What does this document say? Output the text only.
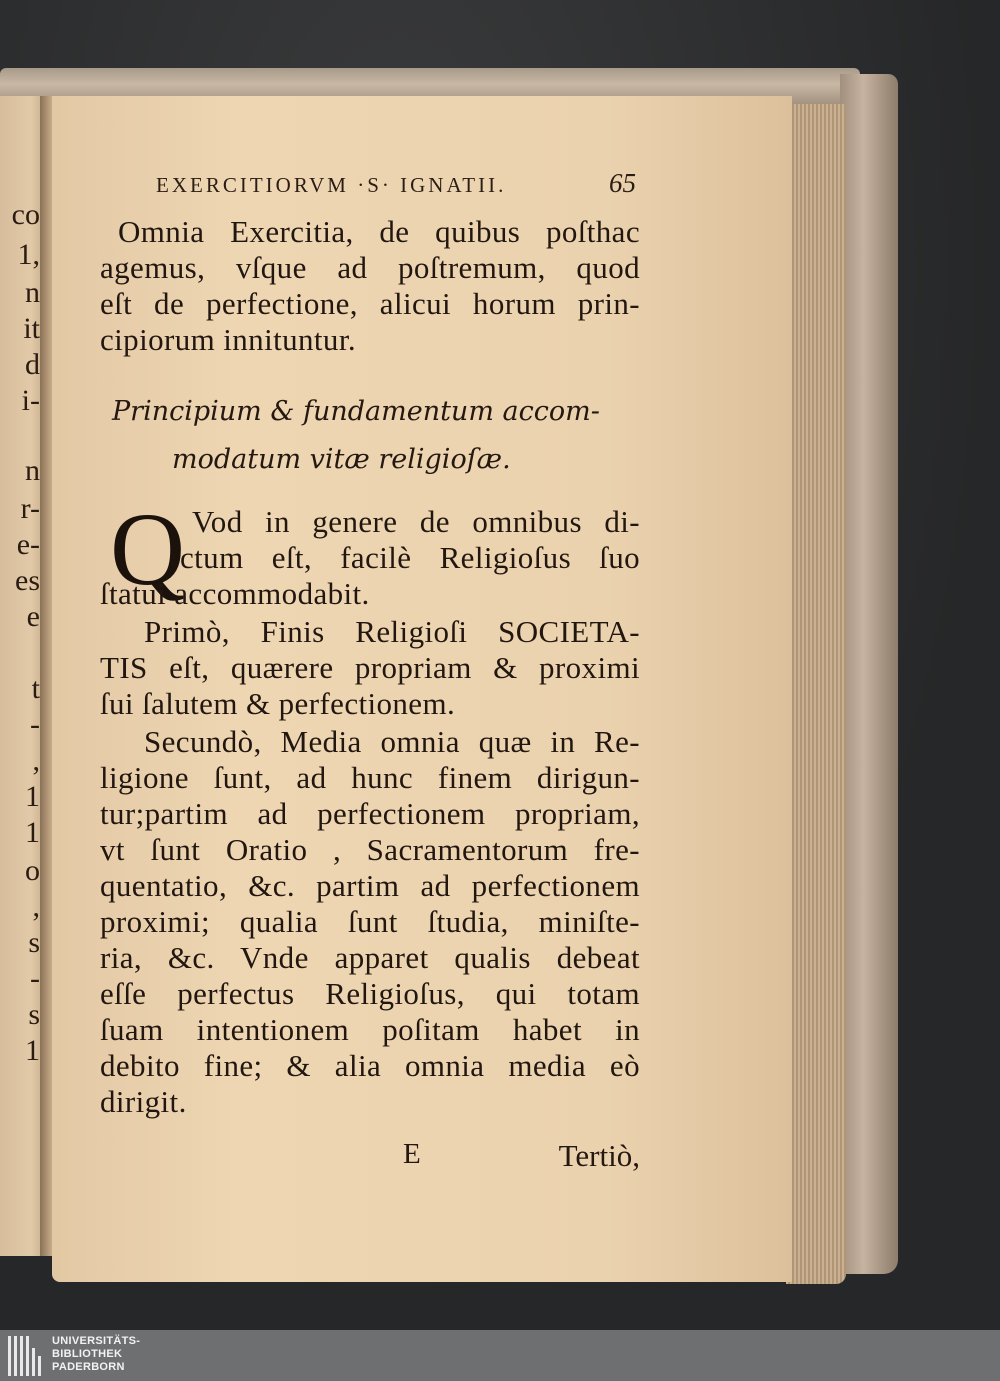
co
1,
n
it
d
i-
n
r-
e-
es
e
t
-
,
1
1
o
,
s
-
s
1
EXERCITIORVM ·S· IGNATII.	65
Omnia Exercitia, de quibus poſthac
agemus, vſque ad poſtremum, quod
eſt de perfectione, alicui horum prin-
cipiorum innituntur.
Principium & fundamentum accom-
modatum vitæ religioſæ.
Q Vod in genere de omnibus di-
ctum eſt, facilè Religioſus ſuo
ſtatui accommodabit.
Primò, Finis Religioſi SOCIETA-
TIS eſt, quærere propriam & proximi
ſui ſalutem & perfectionem.
Secundò, Media omnia quæ in Re-
ligione ſunt, ad hunc finem dirigun-
tur;partim ad perfectionem propriam,
vt ſunt Oratio , Sacramentorum fre-
quentatio, &c. partim ad perfectionem
proximi; qualia ſunt ſtudia, miniſte-
ria, &c. Vnde apparet qualis debeat
eſſe perfectus Religioſus, qui totam
ſuam intentionem poſitam habet in
debito fine; & alia omnia media eò
dirigit.
E	Tertiò,
UNIVERSITÄTS-
BIBLIOTHEK
PADERBORN
